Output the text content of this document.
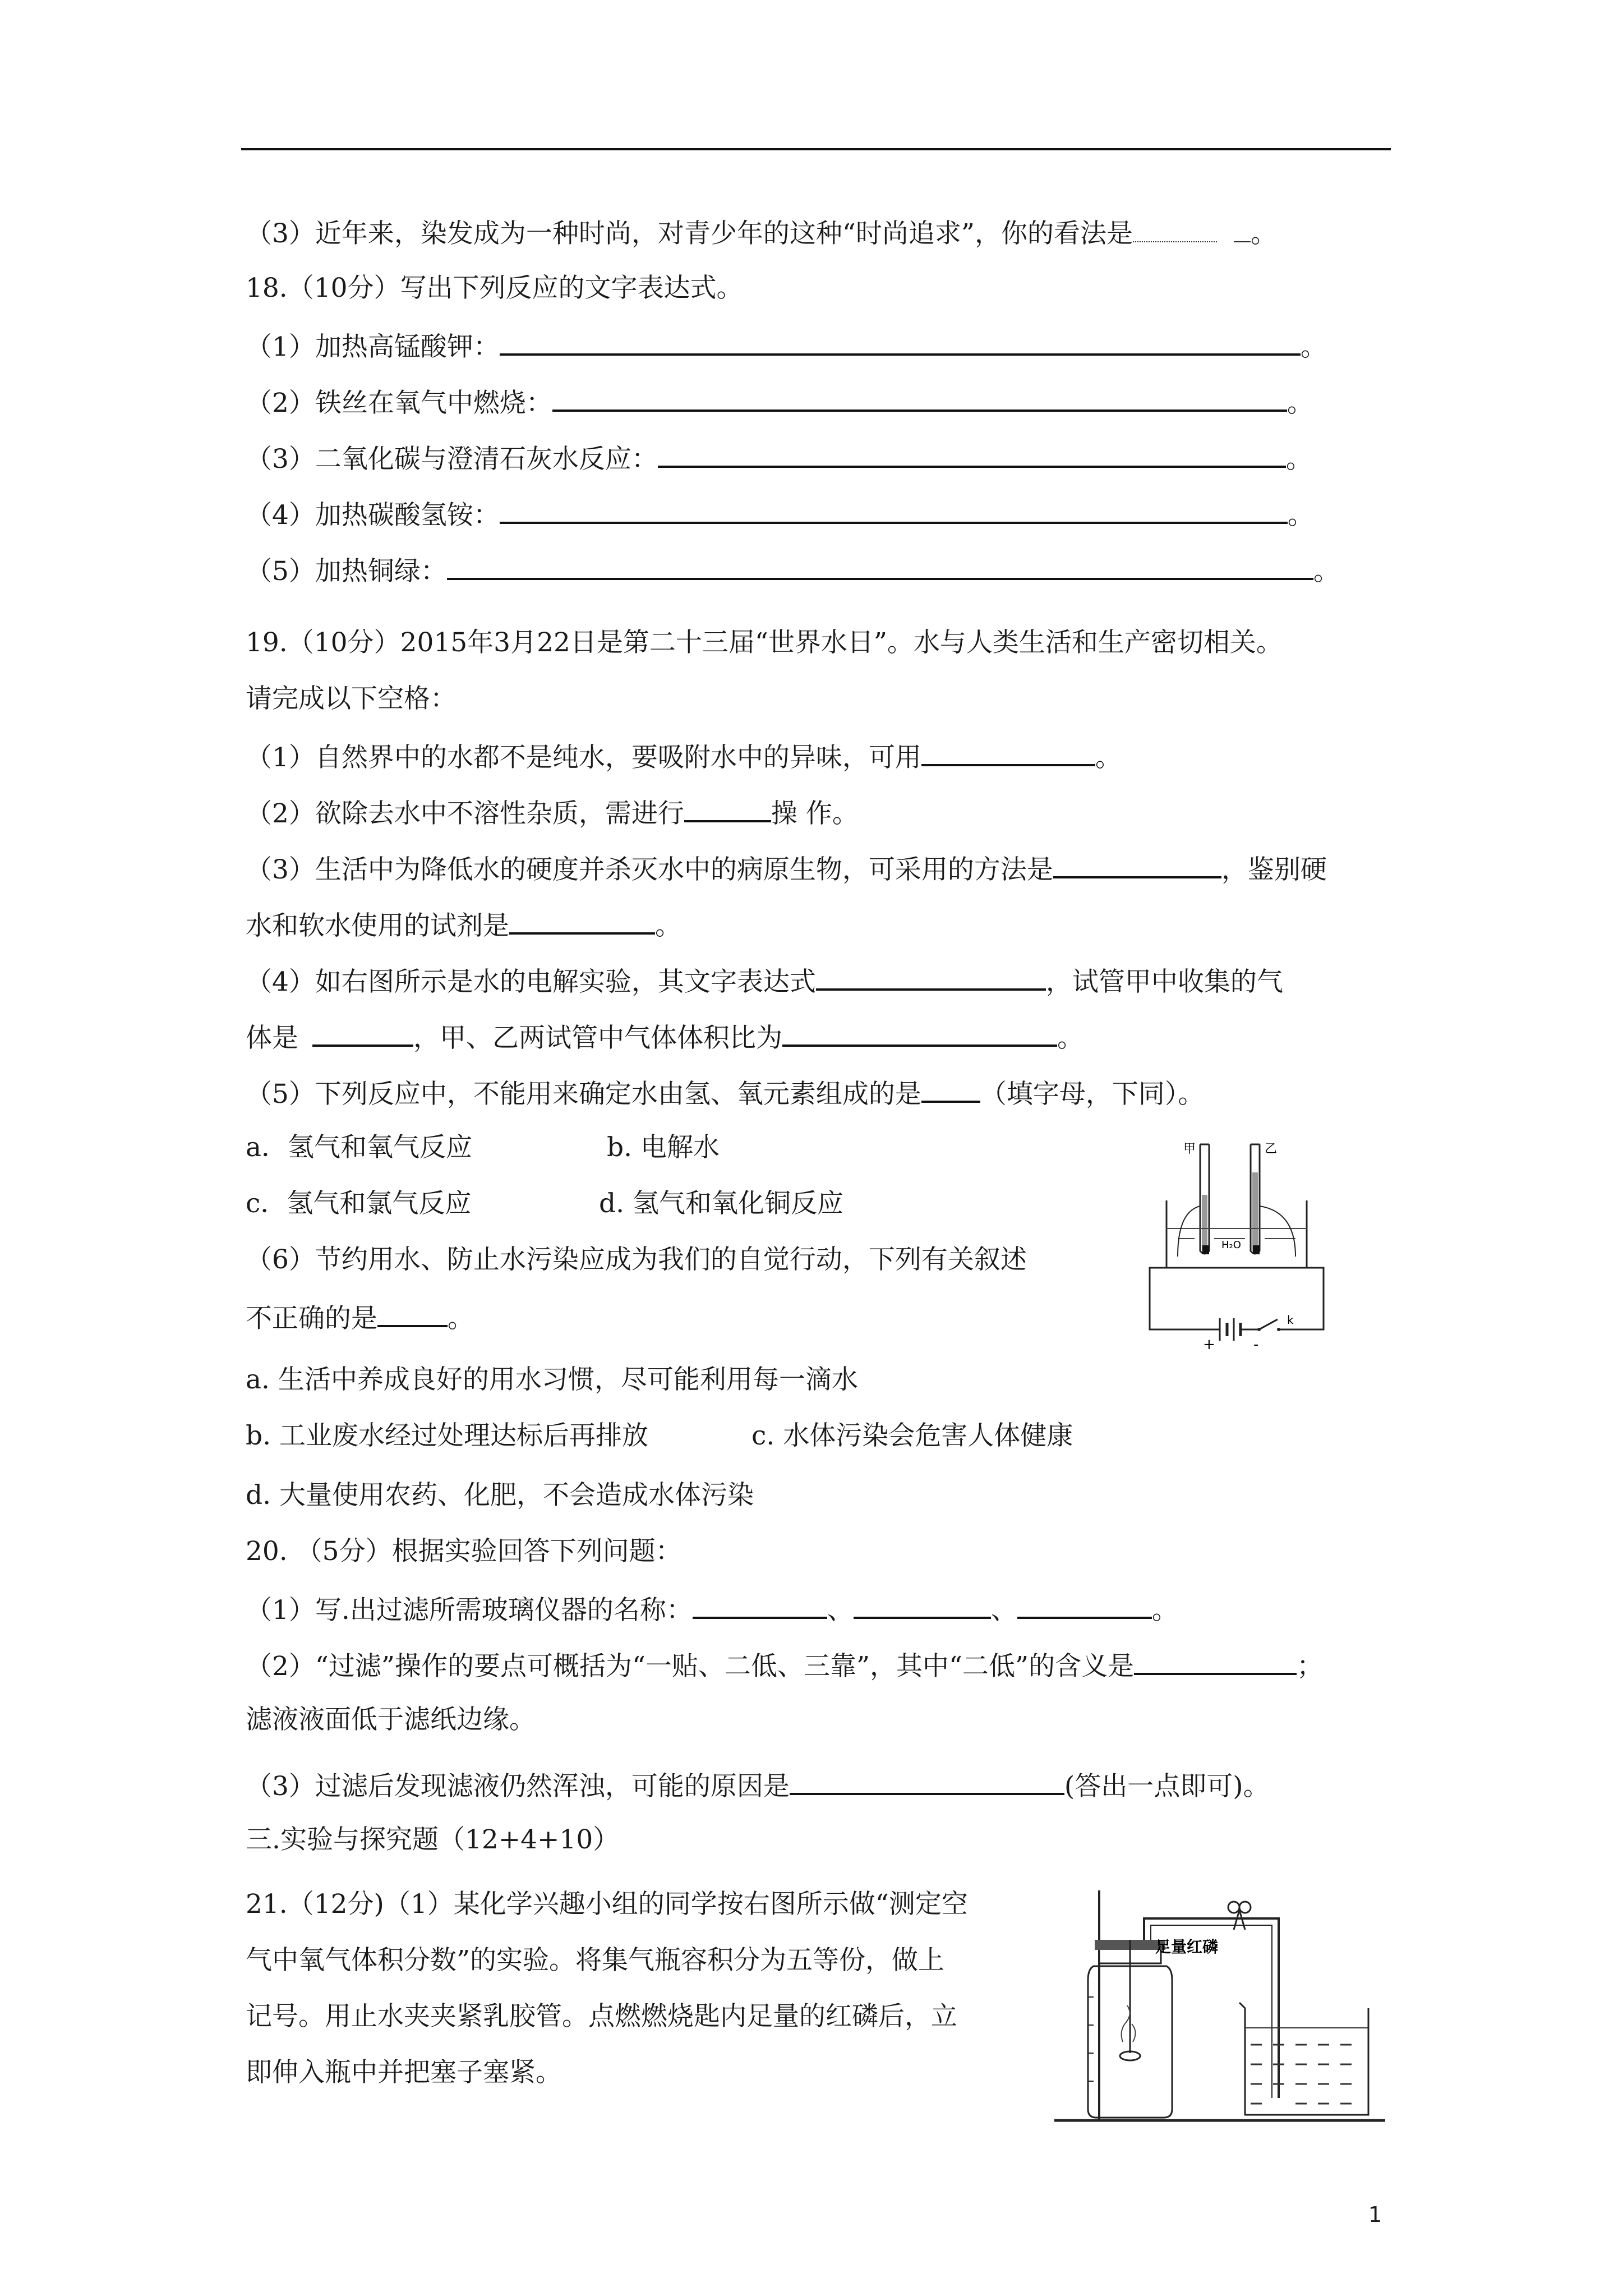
（3）近年来，染发成为一种时尚，对青少年的这种“时尚追求”，你的看法是	。
18.（10分）写出下列反应的文字表达式。
（1）加热高锰酸钾：	。
（2）铁丝在氧气中燃烧：	。
（3）二氧化碳与澄清石灰水反应：	。
（4）加热碳酸氢铵：	。
（5）加热铜绿：	。
19.（10分）2015年3月22日是第二十三届“世界水日”。水与人类生活和生产密切相关。
请完成以下空格：
（1）自然界中的水都不是纯水，要吸附水中的异味，可用	。
（2）欲除去水中不溶性杂质，需进行	操 作。
（3）生活中为降低水的硬度并杀灭水中的病原生物，可采用的方法是	，鉴别硬
水和软水使用的试剂是	。
（4）如右图所示是水的电解实验，其文字表达式	，试管甲中收集的气
体是	，甲、乙两试管中气体体积比为	。
（5）下列反应中，不能用来确定水由氢、氧元素组成的是 （填字母，下同）。
a．氢气和氧气反应	b. 电解水
c．氢气和氯气反应	d. 氢气和氧化铜反应
（6）节约用水、防止水污染应成为我们的自觉行动，下列有关叙述
不正确的是	。
a. 生活中养成良好的用水习惯，尽可能利用每一滴水
b. 工业废水经过处理达标后再排放	c. 水体污染会危害人体健康
d. 大量使用农药、化肥，不会造成水体污染
甲	乙
H₂O
+	-
k
20. （5分）根据实验回答下列问题：
（1）写.出过滤所需玻璃仪器的名称：	、	、	。
（2）“过滤”操作的要点可概括为“一贴、二低、三靠”，其中“二低”的含义是	；
滤液液面低于滤纸边缘。
（3）过滤后发现滤液仍然浑浊，可能的原因是	(答出一点即可)。
三.实验与探究题（12+4+10）
21.（12分)（1）某化学兴趣小组的同学按右图所示做“测定空
气中氧气体积分数”的实验。将集气瓶容积分为五等份，做上
记号。用止水夹夹紧乳胶管。点燃燃烧匙内足量的红磷后，立
即伸入瓶中并把塞子塞紧。
足量红磷
1
